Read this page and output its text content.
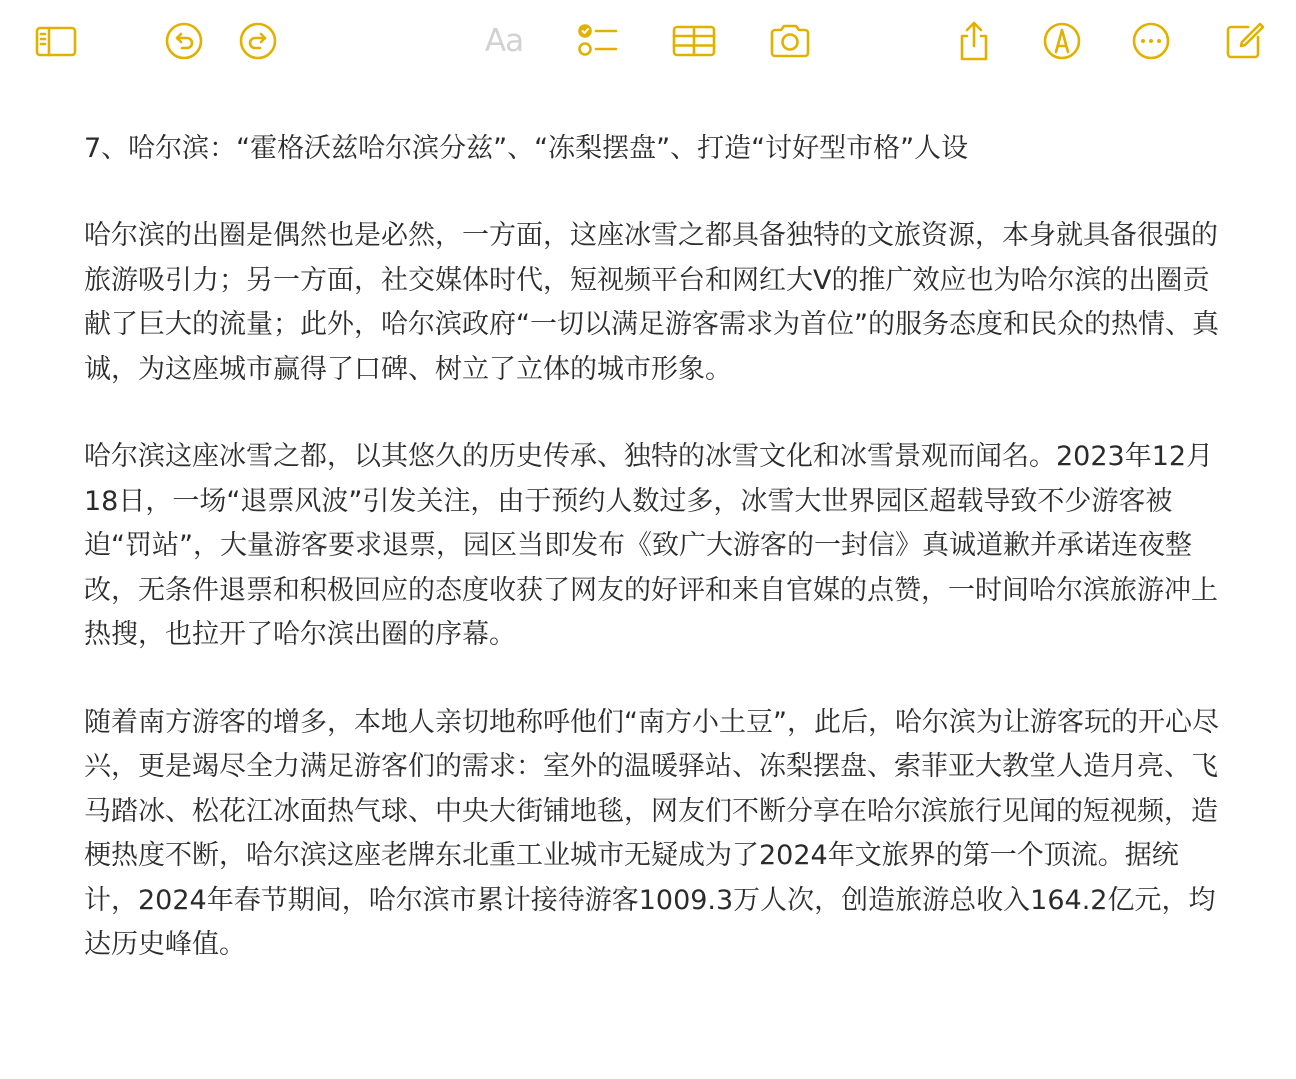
Aa
7、哈尔滨：“霍格沃兹哈尔滨分兹”、“冻梨摆盘”、打造“讨好型市格”人设

哈尔滨的出圈是偶然也是必然，一方面，这座冰雪之都具备独特的文旅资源，本身就具备很强的旅游吸引力；另一方面，社交媒体时代，短视频平台和网红大V的推广效应也为哈尔滨的出圈贡献了巨大的流量；此外，哈尔滨政府“一切以满足游客需求为首位”的服务态度和民众的热情、真诚，为这座城市赢得了口碑、树立了立体的城市形象。

哈尔滨这座冰雪之都，以其悠久的历史传承、独特的冰雪文化和冰雪景观而闻名。2023年12月18日，一场“退票风波”引发关注，由于预约人数过多，冰雪大世界园区超载导致不少游客被迫“罚站”，大量游客要求退票，园区当即发布《致广大游客的一封信》真诚道歉并承诺连夜整改，无条件退票和积极回应的态度收获了网友的好评和来自官媒的点赞，一时间哈尔滨旅游冲上热搜，也拉开了哈尔滨出圈的序幕。

随着南方游客的增多，本地人亲切地称呼他们“南方小土豆”，此后，哈尔滨为让游客玩的开心尽兴，更是竭尽全力满足游客们的需求：室外的温暖驿站、冻梨摆盘、索菲亚大教堂人造月亮、飞马踏冰、松花江冰面热气球、中央大街铺地毯，网友们不断分享在哈尔滨旅行见闻的短视频，造梗热度不断，哈尔滨这座老牌东北重工业城市无疑成为了2024年文旅界的第一个顶流。据统计，2024年春节期间，哈尔滨市累计接待游客1009.3万人次，创造旅游总收入164.2亿元，均达历史峰值。
